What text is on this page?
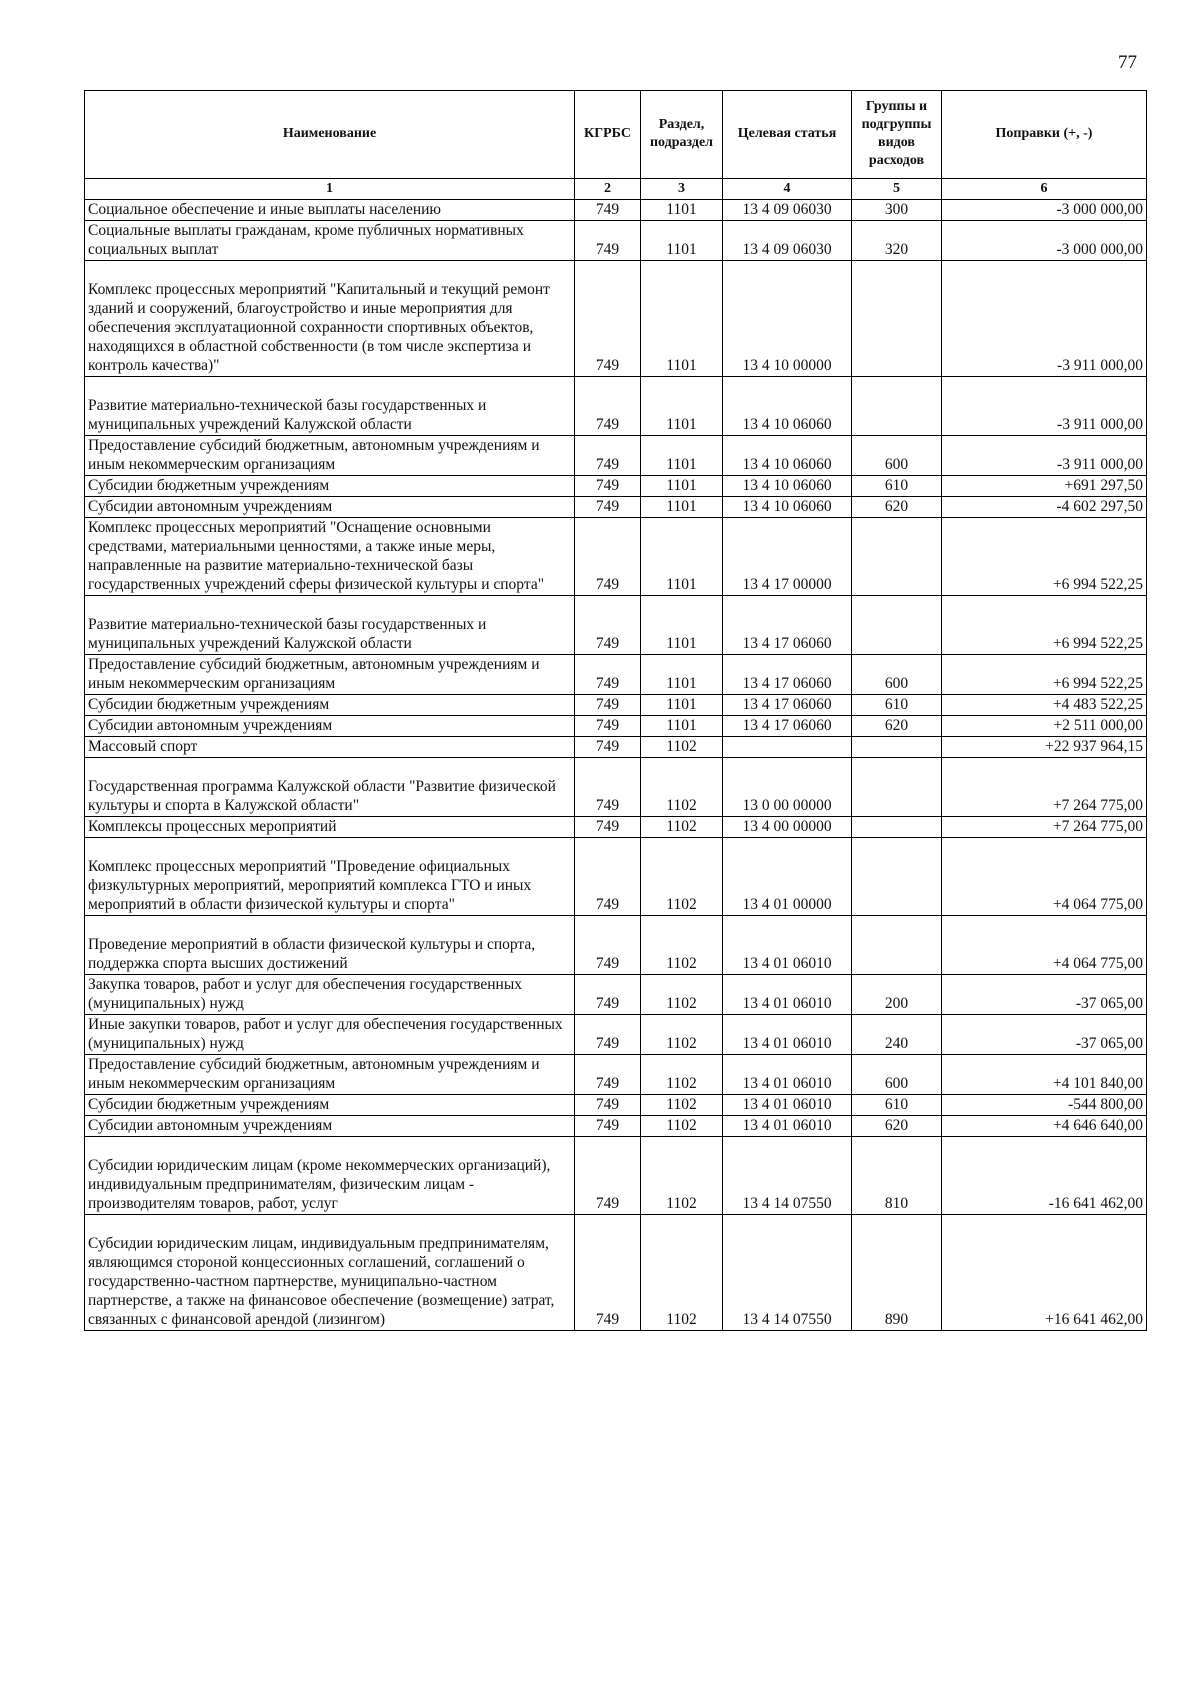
77
Наименование	КГРБС	Раздел, подраздел	Целевая статья	Группы и подгруппы видов расходов	Поправки (+, -)
1	2	3	4	5	6
Социальное обеспечение и иные выплаты населению	749	1101	13 4 09 06030	300	-3 000 000,00
Социальные выплаты гражданам, кроме публичных нормативных социальных выплат	749	1101	13 4 09 06030	320	-3 000 000,00
Комплекс процессных мероприятий "Капитальный и текущий ремонт зданий и сооружений, благоустройство и иные мероприятия для обеспечения эксплуатационной сохранности спортивных объектов, находящихся в областной собственности (в том числе экспертиза и контроль качества)"	749	1101	13 4 10 00000		-3 911 000,00
Развитие материально-технической базы государственных и муниципальных учреждений Калужской области	749	1101	13 4 10 06060		-3 911 000,00
Предоставление субсидий бюджетным, автономным учреждениям и иным некоммерческим организациям	749	1101	13 4 10 06060	600	-3 911 000,00
Субсидии бюджетным учреждениям	749	1101	13 4 10 06060	610	+691 297,50
Субсидии автономным учреждениям	749	1101	13 4 10 06060	620	-4 602 297,50
Комплекс процессных мероприятий "Оснащение основными средствами, материальными ценностями, а также иные меры, направленные на развитие материально-технической базы государственных учреждений сферы физической культуры и спорта"	749	1101	13 4 17 00000		+6 994 522,25
Развитие материально-технической базы государственных и муниципальных учреждений Калужской области	749	1101	13 4 17 06060		+6 994 522,25
Предоставление субсидий бюджетным, автономным учреждениям и иным некоммерческим организациям	749	1101	13 4 17 06060	600	+6 994 522,25
Субсидии бюджетным учреждениям	749	1101	13 4 17 06060	610	+4 483 522,25
Субсидии автономным учреждениям	749	1101	13 4 17 06060	620	+2 511 000,00
Массовый спорт	749	1102			+22 937 964,15
Государственная программа Калужской области "Развитие физической культуры и спорта в Калужской области"	749	1102	13 0 00 00000		+7 264 775,00
Комплексы процессных мероприятий	749	1102	13 4 00 00000		+7 264 775,00
Комплекс процессных мероприятий "Проведение официальных физкультурных мероприятий, мероприятий комплекса ГТО и иных мероприятий в области физической культуры и спорта"	749	1102	13 4 01 00000		+4 064 775,00
Проведение мероприятий в области физической культуры и спорта, поддержка спорта высших достижений	749	1102	13 4 01 06010		+4 064 775,00
Закупка товаров, работ и услуг для обеспечения государственных (муниципальных) нужд	749	1102	13 4 01 06010	200	-37 065,00
Иные закупки товаров, работ и услуг для обеспечения государственных (муниципальных) нужд	749	1102	13 4 01 06010	240	-37 065,00
Предоставление субсидий бюджетным, автономным учреждениям и иным некоммерческим организациям	749	1102	13 4 01 06010	600	+4 101 840,00
Субсидии бюджетным учреждениям	749	1102	13 4 01 06010	610	-544 800,00
Субсидии автономным учреждениям	749	1102	13 4 01 06010	620	+4 646 640,00
Субсидии юридическим лицам (кроме некоммерческих организаций), индивидуальным предпринимателям, физическим лицам - производителям товаров, работ, услуг	749	1102	13 4 14 07550	810	-16 641 462,00
Субсидии юридическим лицам, индивидуальным предпринимателям, являющимся стороной концессионных соглашений, соглашений о государственно-частном партнерстве, муниципально-частном партнерстве, а также на финансовое обеспечение (возмещение) затрат, связанных с финансовой арендой (лизингом)	749	1102	13 4 14 07550	890	+16 641 462,00
